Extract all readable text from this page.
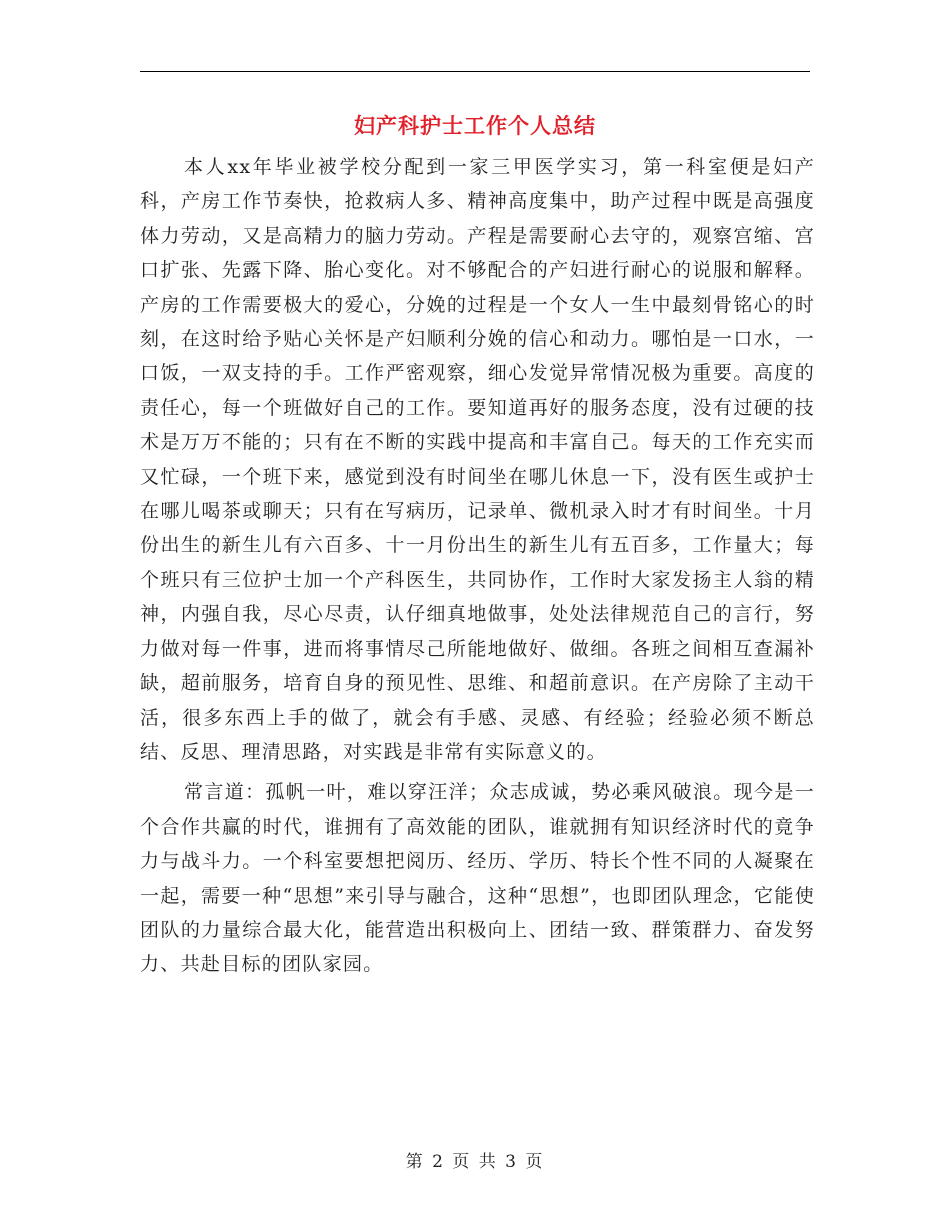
妇产科护士工作个人总结

本人xx年毕业被学校分配到一家三甲医学实习，第一科室便是妇产科，产房工作节奏快，抢救病人多、精神高度集中，助产过程中既是高强度体力劳动，又是高精力的脑力劳动。产程是需要耐心去守的，观察宫缩、宫口扩张、先露下降、胎心变化。对不够配合的产妇进行耐心的说服和解释。产房的工作需要极大的爱心，分娩的过程是一个女人一生中最刻骨铭心的时刻，在这时给予贴心关怀是产妇顺利分娩的信心和动力。哪怕是一口水，一口饭，一双支持的手。工作严密观察，细心发觉异常情况极为重要。高度的责任心，每一个班做好自己的工作。要知道再好的服务态度，没有过硬的技术是万万不能的；只有在不断的实践中提高和丰富自己。每天的工作充实而又忙碌，一个班下来，感觉到没有时间坐在哪儿休息一下，没有医生或护士在哪儿喝茶或聊天；只有在写病历，记录单、微机录入时才有时间坐。十月份出生的新生儿有六百多、十一月份出生的新生儿有五百多，工作量大；每个班只有三位护士加一个产科医生，共同协作，工作时大家发扬主人翁的精神，内强自我，尽心尽责，认仔细真地做事，处处法律规范自己的言行，努力做对每一件事，进而将事情尽己所能地做好、做细。各班之间相互查漏补缺，超前服务，培育自身的预见性、思维、和超前意识。在产房除了主动干活，很多东西上手的做了，就会有手感、灵感、有经验；经验必须不断总结、反思、理清思路，对实践是非常有实际意义的。

常言道：孤帆一叶，难以穿汪洋；众志成诚，势必乘风破浪。现今是一个合作共赢的时代，谁拥有了高效能的团队，谁就拥有知识经济时代的竟争力与战斗力。一个科室要想把阅历、经历、学历、特长个性不同的人凝聚在一起，需要一种“思想”来引导与融合，这种“思想”，也即团队理念，它能使团队的力量综合最大化，能营造出积极向上、团结一致、群策群力、奋发努力、共赴目标的团队家园。

第 2 页 共 3 页
